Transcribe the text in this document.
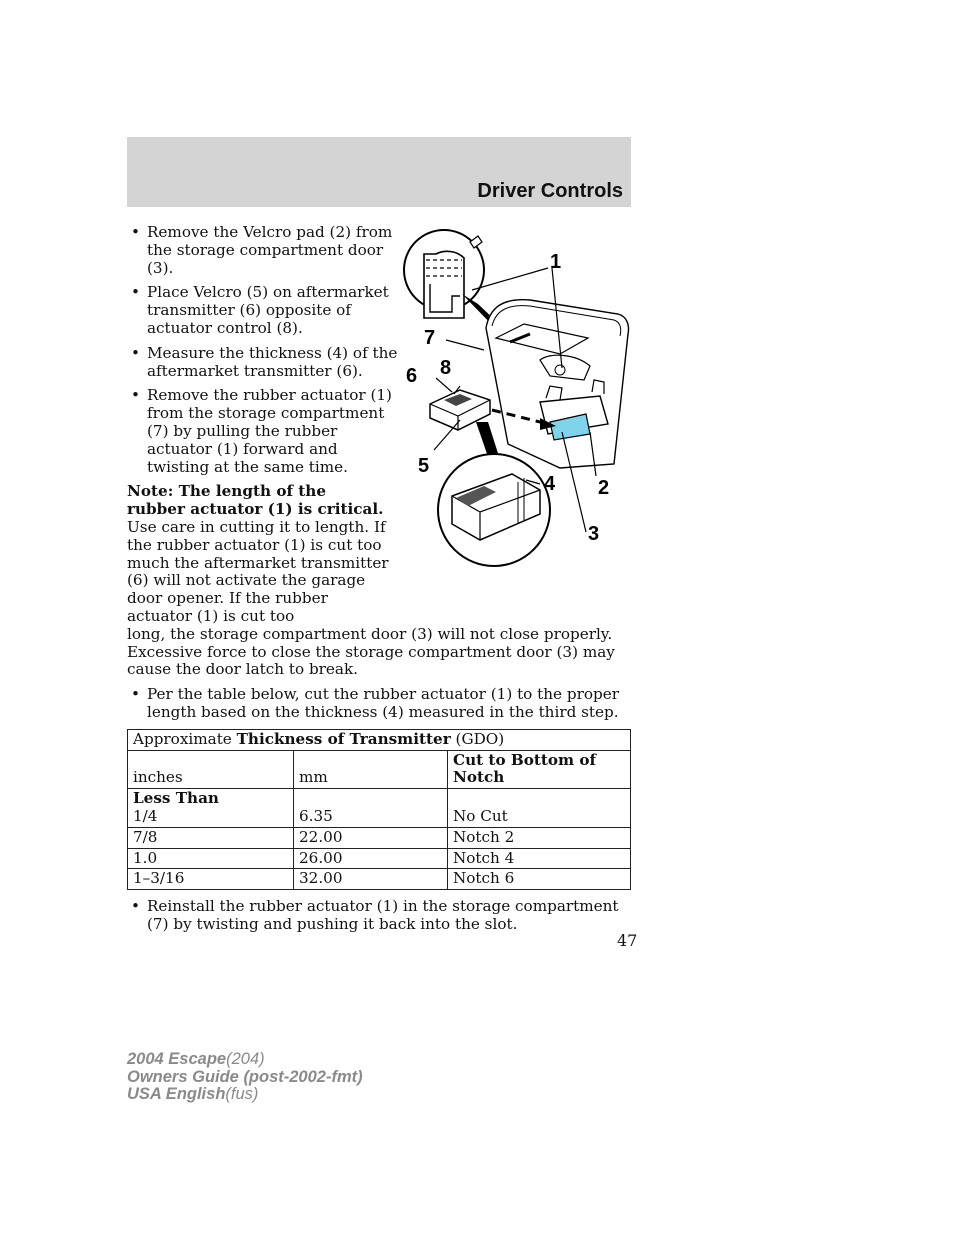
Driver Controls
1
7
6 8
5
4 2
3
• Remove the Velcro pad (2) from the storage compartment door (3).
• Place Velcro (5) on aftermarket transmitter (6) opposite of actuator control (8).
• Measure the thickness (4) of the aftermarket transmitter (6).
• Remove the rubber actuator (1) from the storage compartment (7) by pulling the rubber actuator (1) forward and twisting at the same time.
Note: The length of the rubber actuator (1) is critical. Use care in cutting it to length. If the rubber actuator (1) is cut too much the aftermarket transmitter (6) will not activate the garage door opener. If the rubber actuator (1) is cut too
long, the storage compartment door (3) will not close properly. Excessive force to close the storage compartment door (3) may cause the door latch to break.
• Per the table below, cut the rubber actuator (1) to the proper length based on the thickness (4) measured in the third step.
Approximate Thickness of Transmitter (GDO)		
inches	mm	Cut to Bottom of Notch

Less Than
1/4	6.35	No Cut
7/8	22.00	Notch 2
1.0	26.00	Notch 4
1–3/16	32.00	Notch 6
• Reinstall the rubber actuator (1) in the storage compartment (7) by twisting and pushing it back into the slot.
47
2004 Escape(204)
Owners Guide (post-2002-fmt)
USA English(fus)
